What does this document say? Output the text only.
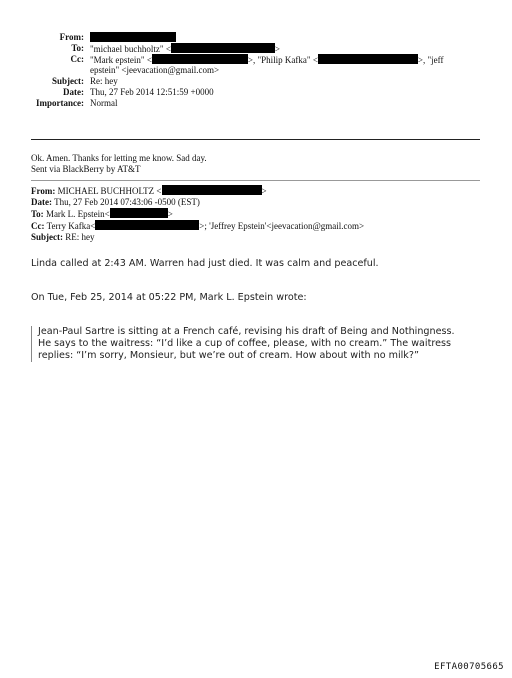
From:
To: "michael buchholtz" <	>
Cc: "Mark epstein" <	>, "Philip Kafka" <	>, "jeff
epstein" <jeevacation@gmail.com>
Subject: Re: hey
Date: Thu, 27 Feb 2014 12:51:59 +0000
Importance: Normal
Ok. Amen. Thanks for letting me know. Sad day.
Sent via BlackBerry by AT&T
From: MICHAEL BUCHHOLTZ <	>
Date: Thu, 27 Feb 2014 07:43:06 -0500 (EST)
To: Mark L. Epstein<	>
Cc: Terry Kafka<	>; 'Jeffrey Epstein'<jeevacation@gmail.com>
Subject: RE: hey
Linda called at 2:43 AM. Warren had just died. It was calm and peaceful.
On Tue, Feb 25, 2014 at 05:22 PM, Mark L. Epstein wrote:
Jean-Paul Sartre is sitting at a French café, revising his draft of Being and Nothingness.
He says to the waitress: “I’d like a cup of coffee, please, with no cream.” The waitress
replies: “I’m sorry, Monsieur, but we’re out of cream. How about with no milk?”
EFTA00705665
